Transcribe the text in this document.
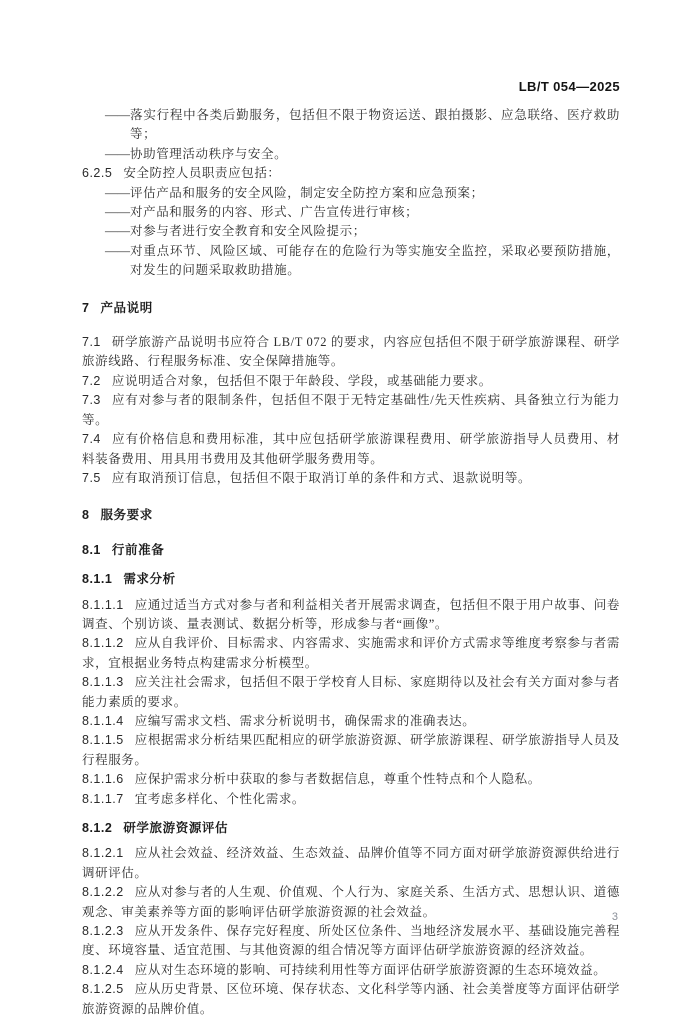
LB/T 054—2025

——落实行程中各类后勤服务，包括但不限于物资运送、跟拍摄影、应急联络、医疗救助等；

——协助管理活动秩序与安全。

6.2.5 安全防控人员职责应包括：

——评估产品和服务的安全风险，制定安全防控方案和应急预案；

——对产品和服务的内容、形式、广告宣传进行审核；

——对参与者进行安全教育和安全风险提示；

——对重点环节、风险区域、可能存在的危险行为等实施安全监控，采取必要预防措施，对发生的问题采取救助措施。

7 产品说明

7.1 研学旅游产品说明书应符合 LB/T 072 的要求，内容应包括但不限于研学旅游课程、研学旅游线路、行程服务标准、安全保障措施等。

7.2 应说明适合对象，包括但不限于年龄段、学段，或基础能力要求。

7.3 应有对参与者的限制条件，包括但不限于无特定基础性/先天性疾病、具备独立行为能力等。

7.4 应有价格信息和费用标准，其中应包括研学旅游课程费用、研学旅游指导人员费用、材料装备费用、用具用书费用及其他研学服务费用等。

7.5 应有取消预订信息，包括但不限于取消订单的条件和方式、退款说明等。

8 服务要求

8.1 行前准备

8.1.1 需求分析

8.1.1.1 应通过适当方式对参与者和利益相关者开展需求调查，包括但不限于用户故事、问卷调查、个别访谈、量表测试、数据分析等，形成参与者“画像”。

8.1.1.2 应从自我评价、目标需求、内容需求、实施需求和评价方式需求等维度考察参与者需求，宜根据业务特点构建需求分析模型。

8.1.1.3 应关注社会需求，包括但不限于学校育人目标、家庭期待以及社会有关方面对参与者能力素质的要求。

8.1.1.4 应编写需求文档、需求分析说明书，确保需求的准确表达。

8.1.1.5 应根据需求分析结果匹配相应的研学旅游资源、研学旅游课程、研学旅游指导人员及行程服务。

8.1.1.6 应保护需求分析中获取的参与者数据信息，尊重个性特点和个人隐私。

8.1.1.7 宜考虑多样化、个性化需求。

8.1.2 研学旅游资源评估

8.1.2.1 应从社会效益、经济效益、生态效益、品牌价值等不同方面对研学旅游资源供给进行调研评估。

8.1.2.2 应从对参与者的人生观、价值观、个人行为、家庭关系、生活方式、思想认识、道德观念、审美素养等方面的影响评估研学旅游资源的社会效益。

8.1.2.3 应从开发条件、保存完好程度、所处区位条件、当地经济发展水平、基础设施完善程度、环境容量、适宜范围、与其他资源的组合情况等方面评估研学旅游资源的经济效益。

8.1.2.4 应从对生态环境的影响、可持续利用性等方面评估研学旅游资源的生态环境效益。

8.1.2.5 应从历史背景、区位环境、保存状态、文化科学等内涵、社会美誉度等方面评估研学旅游资源的品牌价值。

3
